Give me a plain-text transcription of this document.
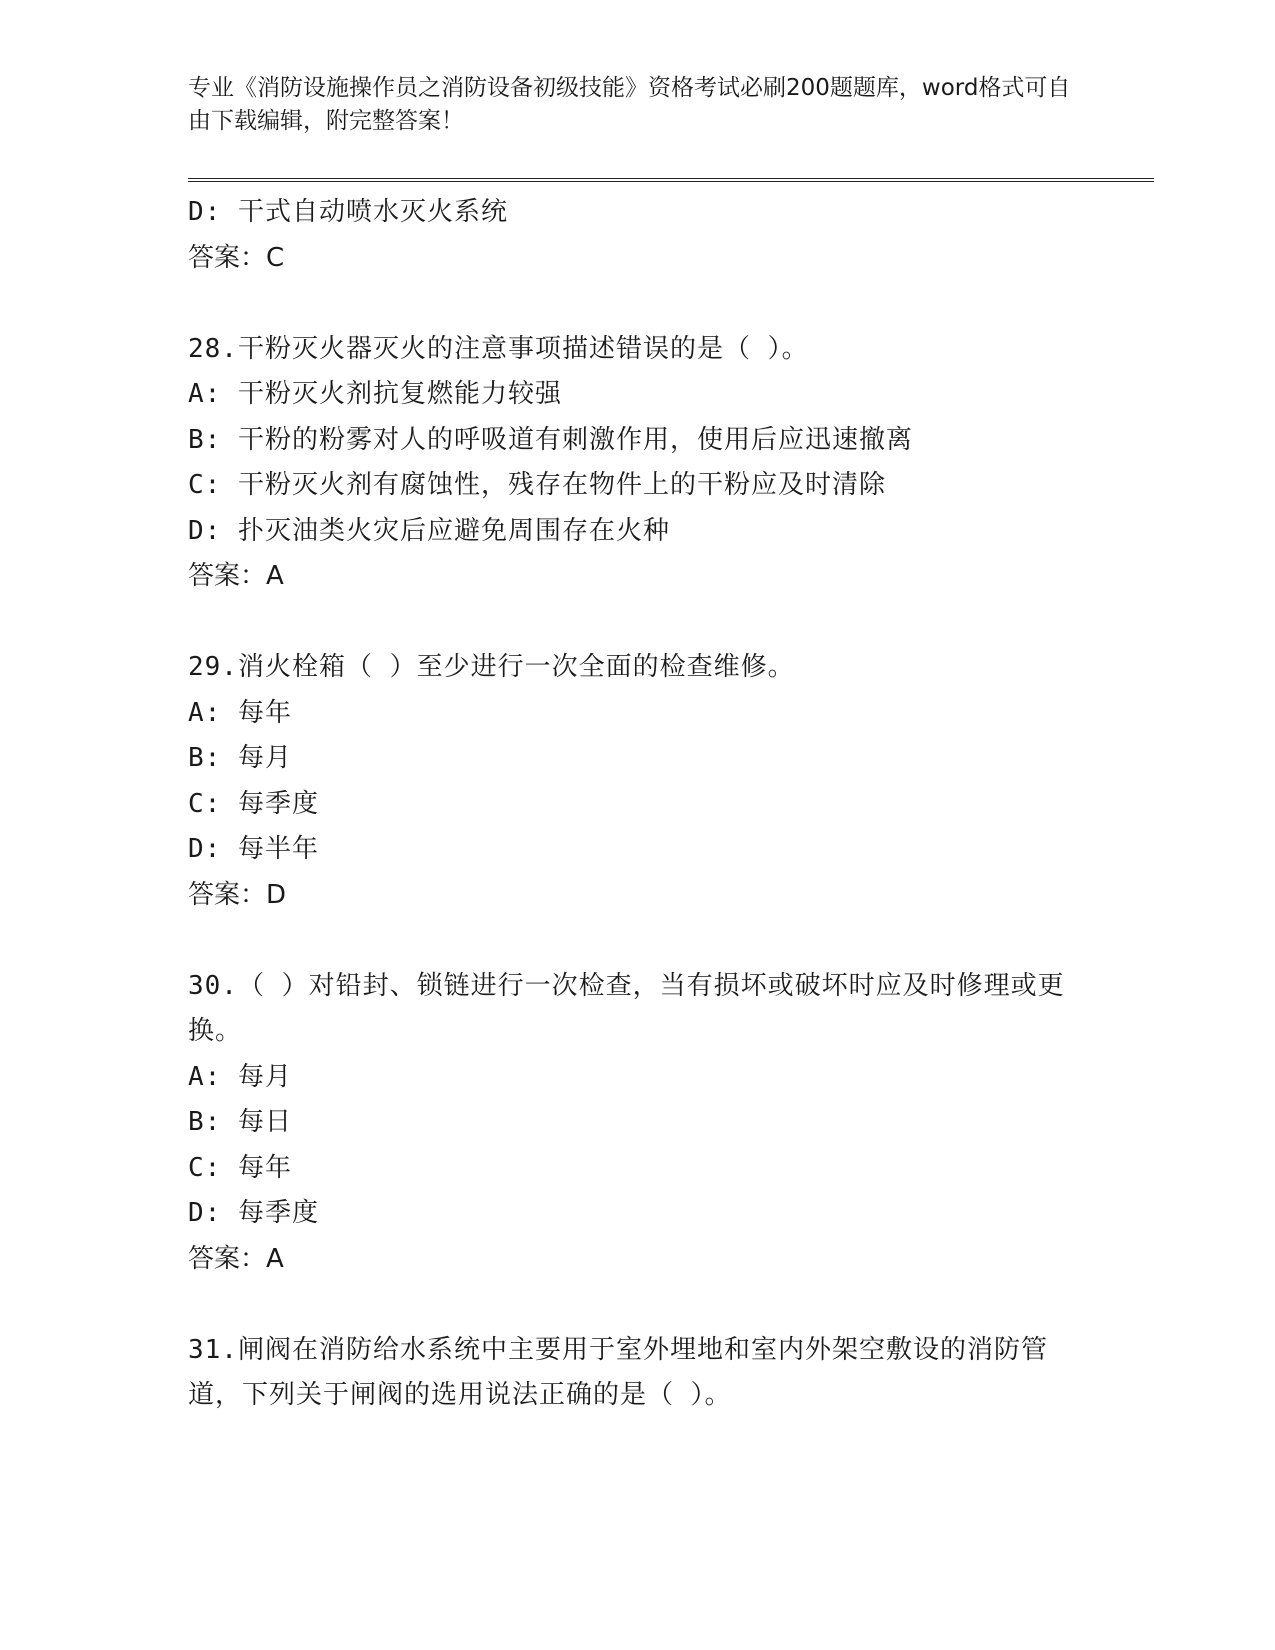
专业《消防设施操作员之消防设备初级技能》资格考试必刷200题题库，word格式可自由下载编辑，附完整答案！
D: 干式自动喷水灭火系统
答案：C
28.干粉灭火器灭火的注意事项描述错误的是（ ）。
A: 干粉灭火剂抗复燃能力较强
B: 干粉的粉雾对人的呼吸道有刺激作用，使用后应迅速撤离
C: 干粉灭火剂有腐蚀性，残存在物件上的干粉应及时清除
D: 扑灭油类火灾后应避免周围存在火种
答案：A
29.消火栓箱（ ）至少进行一次全面的检查维修。
A: 每年
B: 每月
C: 每季度
D: 每半年
答案：D
30.（ ）对铅封、锁链进行一次检查，当有损坏或破坏时应及时修理或更换。
A: 每月
B: 每日
C: 每年
D: 每季度
答案：A
31.闸阀在消防给水系统中主要用于室外埋地和室内外架空敷设的消防管道，下列关于闸阀的选用说法正确的是（ ）。
